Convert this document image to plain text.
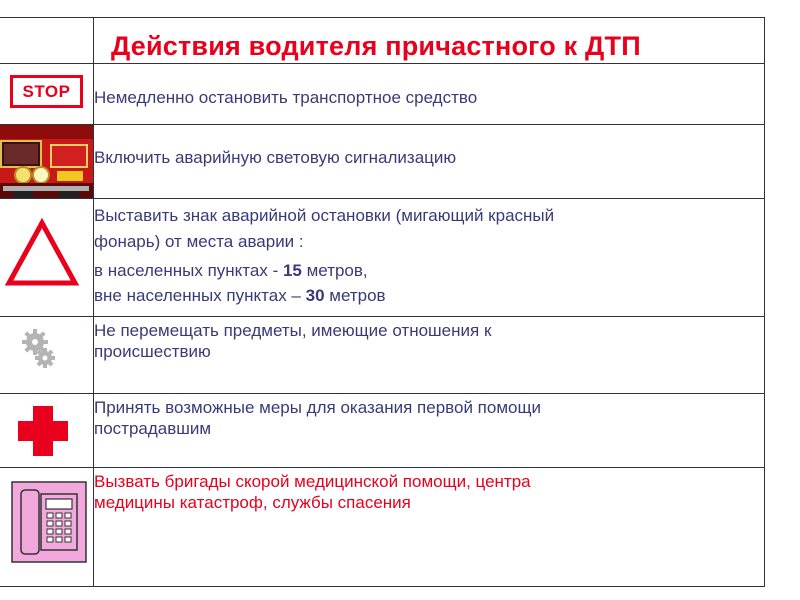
	Действия водителя причастного к ДТП

STOP	Немедленно остановить транспортное средство

Включить аварийную световую сигнализацию

Выставить знак аварийной остановки (мигающий красный
фонарь) от места аварии :
в населенных пунктах - 15 метров,
вне населенных пунктах – 30 метров

Не перемещать предметы, имеющие отношения к
происшествию

Принять возможные меры для оказания первой помощи
пострадавшим

Вызвать бригады скорой медицинской помощи, центра
медицины катастроф, службы спасения
